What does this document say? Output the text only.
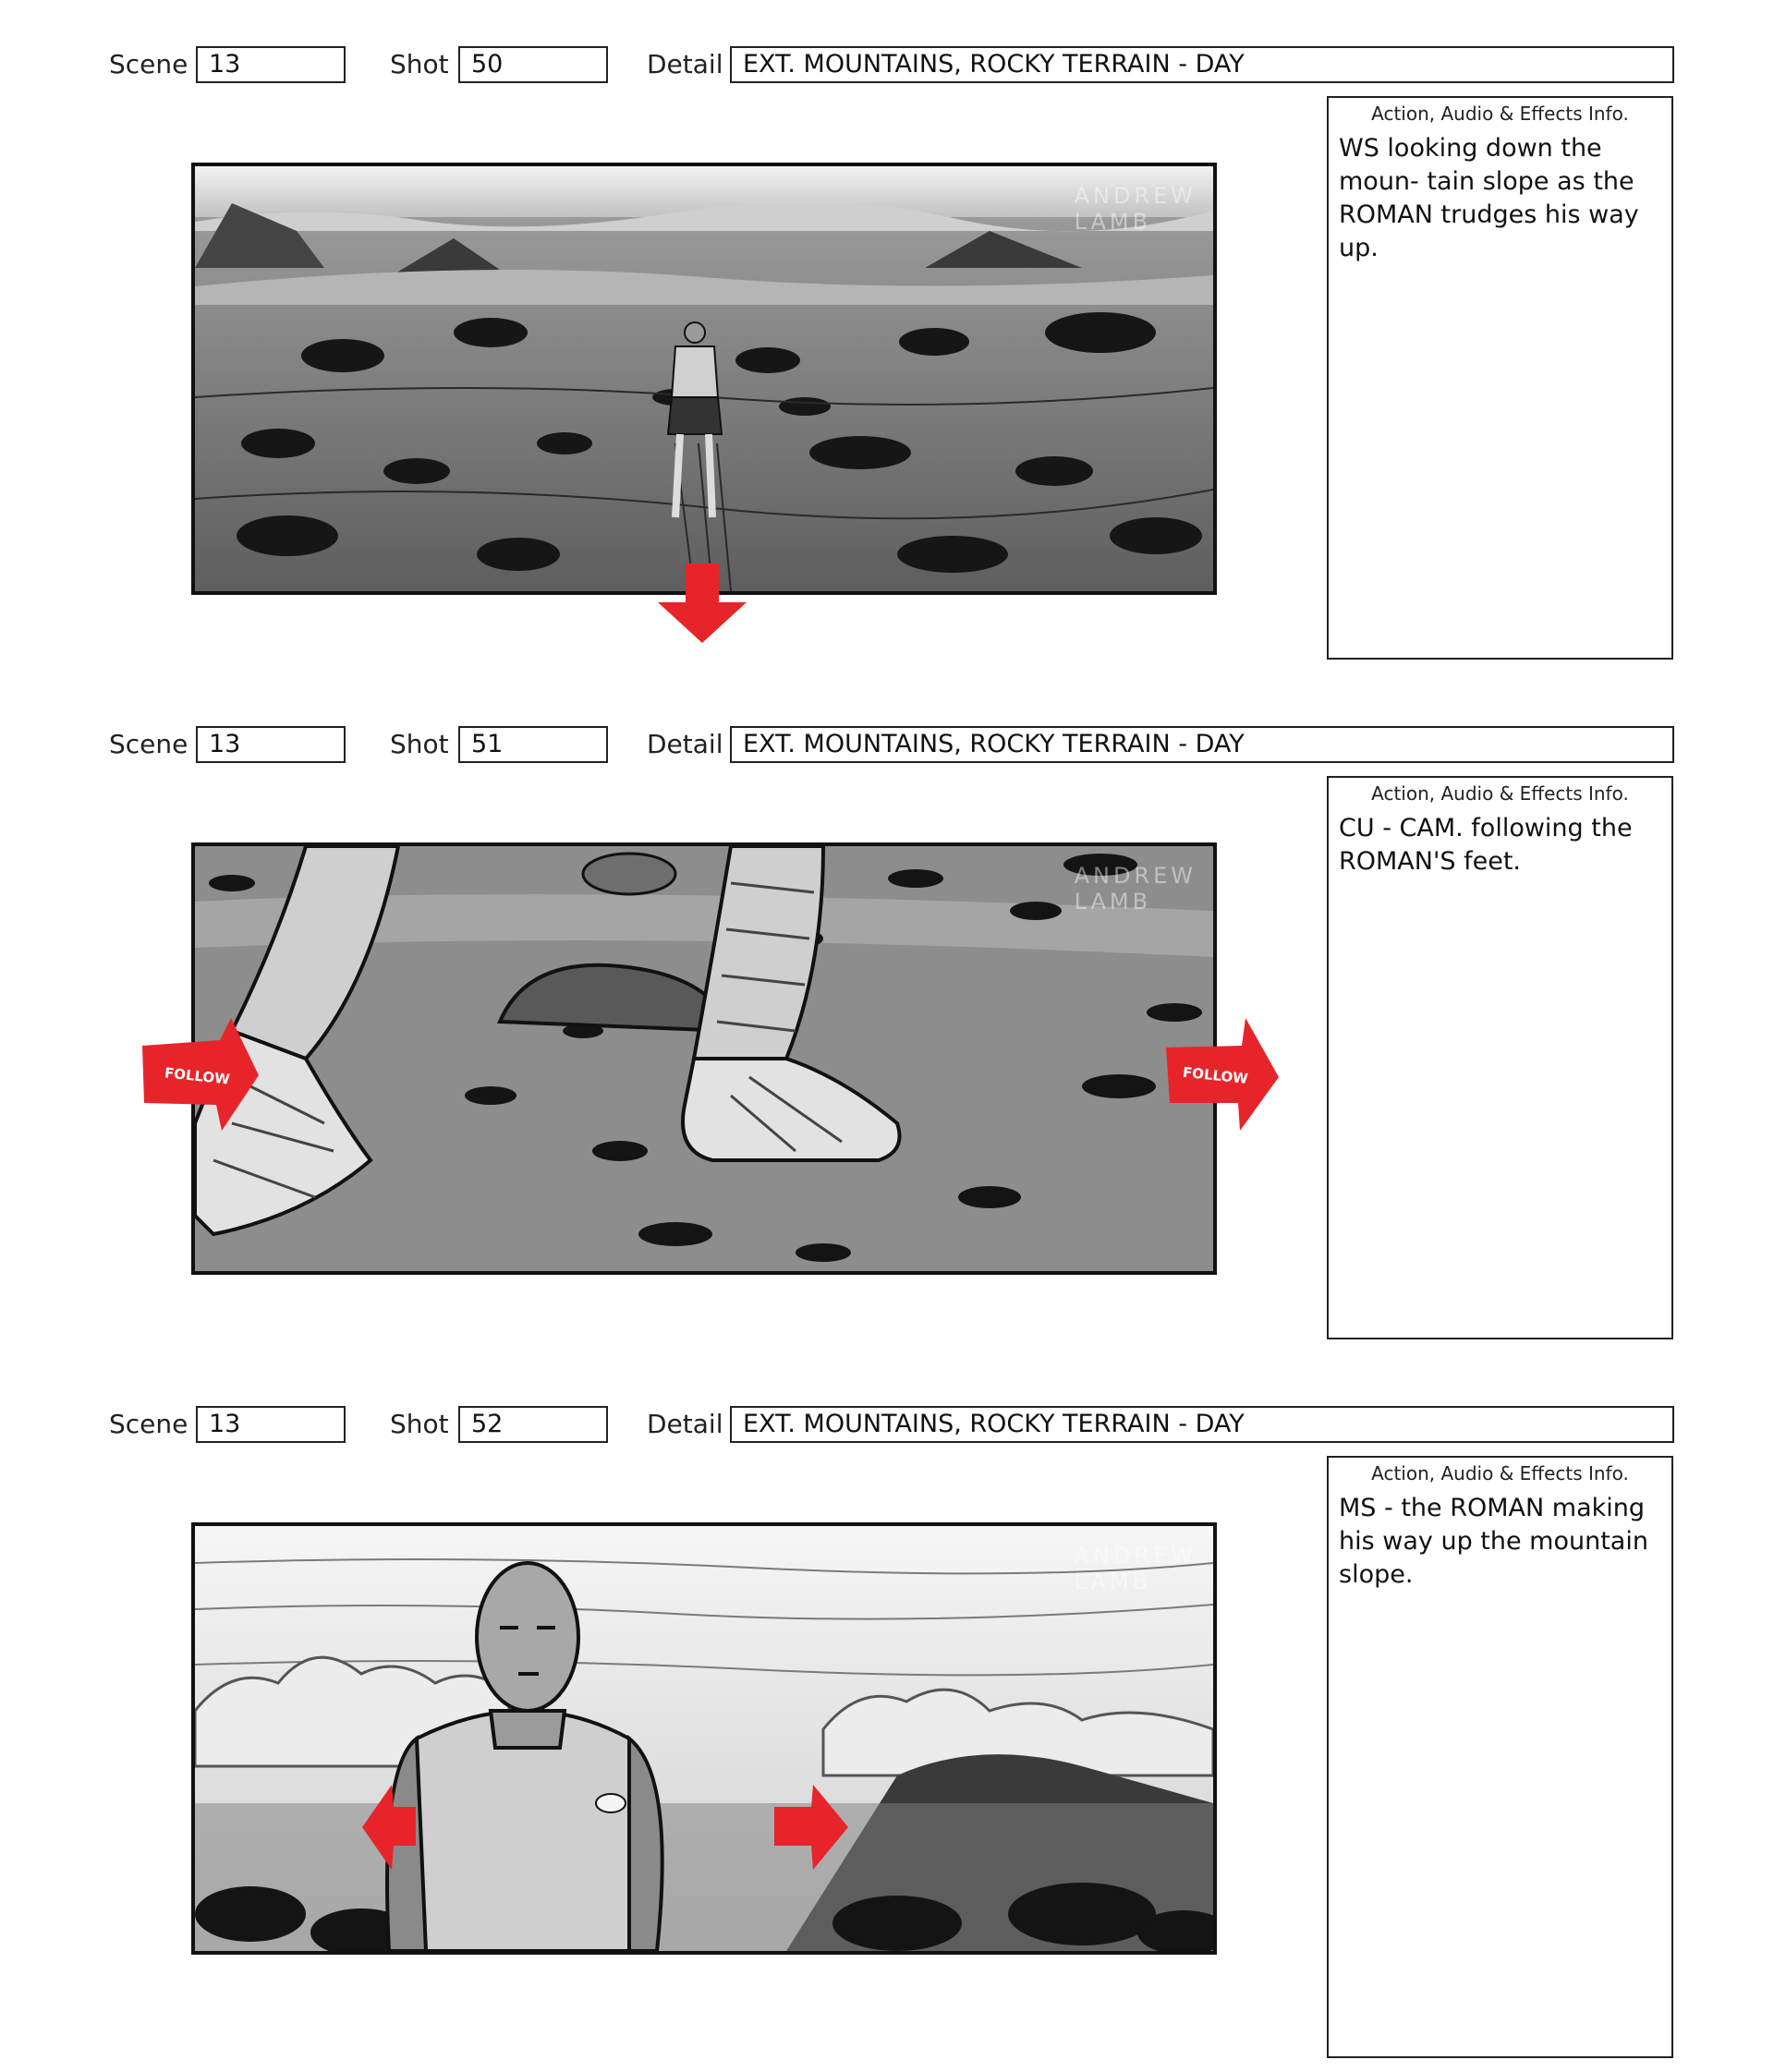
Scene 13	Shot 50	Detail EXT. MOUNTAINS, ROCKY TERRAIN - DAY
ANDREW
LAMB
Action, Audio & Effects Info.
WS looking down the moun- tain slope as the ROMAN trudges his way up.
Scene 13	Shot 51	Detail EXT. MOUNTAINS, ROCKY TERRAIN - DAY
ANDREW
LAMB
FOLLOW	FOLLOW
Action, Audio & Effects Info.
CU - CAM. following the ROMAN'S feet.
Scene 13	Shot 52	Detail EXT. MOUNTAINS, ROCKY TERRAIN - DAY
ANDREW
LAMB
Action, Audio & Effects Info.
MS - the ROMAN making his way up the mountain slope.
